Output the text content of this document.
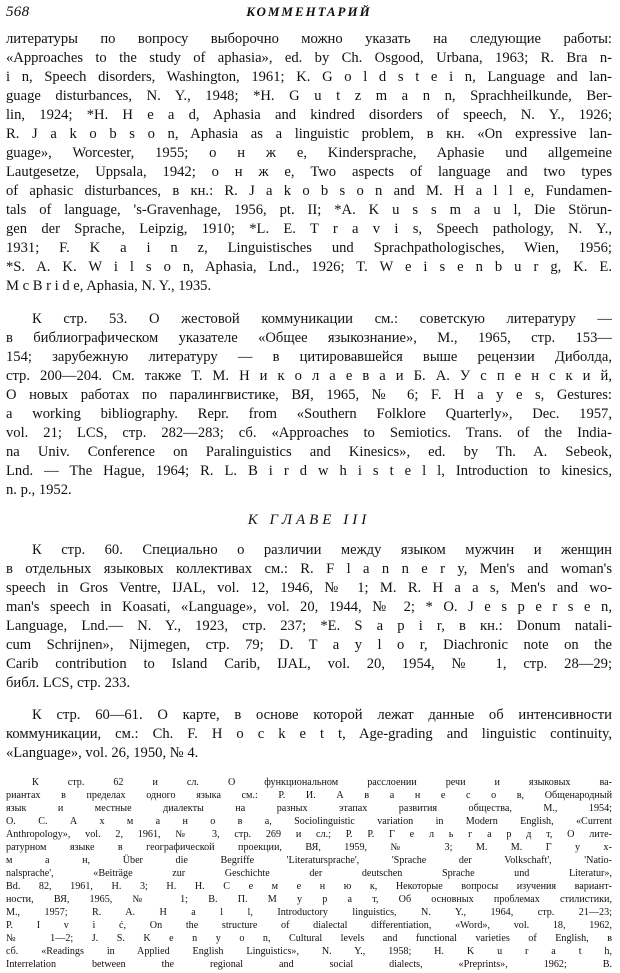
568	КОММЕНТАРИЙ
литературы по вопросу выборочно можно указать на следующие работы:
«Approaches to the study of aphasia», ed. by Ch. Osgood, Urbana, 1963; R. Bra n-
i n, Speech disorders, Washington, 1961; K. G o l d s t e i n, Language and lan-
guage disturbances, N. Y., 1948; *H. G u t z m a n n, Sprachheilkunde, Ber-
lin, 1924; *H. H e a d, Aphasia and kindred disorders of speech, N. Y., 1926;
R. J a k o b s o n, Aphasia as a linguistic problem, в кн. «On expressive lan-
guage», Worcester, 1955; о н ж е, Kindersprache, Aphasie und allgemeine
Lautgesetze, Uppsala, 1942; о н ж е, Two aspects of language and two types
of aphasic disturbances, в кн.: R. J a k o b s o n and M. H a l l e, Fundamen-
tals of language, 's-Gravenhage, 1956, pt. II; *A. K u s s m a u l, Die Störun-
gen der Sprache, Leipzig, 1910; *L. E. T r a v i s, Speech pathology, N. Y.,
1931; F. K a i n z, Linguistisches und Sprachpathologisches, Wien, 1956;
*S. A. K. W i l s o n, Aphasia, Lnd., 1926; T. W e i s e n b u r g, K. E.
M c B r i d e, Aphasia, N. Y., 1935.
К стр. 53. О жестовой коммуникации см.: советскую литературу —
в библиографическом указателе «Общее языкознание», М., 1965, стр. 153—
154; зарубежную литературу — в цитировавшейся выше рецензии Диболда,
стр. 200—204. См. также Т. М. Н и к о л а е в а и Б. А. У с п е н с к и й,
О новых работах по паралингвистике, ВЯ, 1965, № 6; F. H a y e s, Gestures:
a working bibliography. Repr. from «Southern Folklore Quarterly», Dec. 1957,
vol. 21; LCS, стр. 282—283; сб. «Approaches to Semiotics. Trans. of the India-
na Univ. Conference on Paralinguistics and Kinesics», ed. by Th. A. Sebeok,
Lnd. — The Hague, 1964; R. L. B i r d w h i s t e l l, Introduction to kinesics,
n. p., 1952.
К ГЛАВЕ III
К стр. 60. Специально о различии между языком мужчин и женщин
в отдельных языковых коллективах см.: R. F l a n n e r y, Men's and woman's
speech in Gros Ventre, IJAL, vol. 12, 1946, № 1; M. R. H a a s, Men's and wo-
man's speech in Koasati, «Language», vol. 20, 1944, № 2; * O. J e s p e r s e n,
Language, Lnd.— N. Y., 1923, стр. 237; *E. S a p i r, в кн.: Donum natali-
cum Schrijnen», Nijmegen, стр. 79; D. T a y l o r, Diachronic note on the
Carib contribution to Island Carib, IJAL, vol. 20, 1954, № 1, стр. 28—29;
библ. LCS, стр. 233.
К стр. 60—61. О карте, в основе которой лежат данные об интенсивности
коммуникации, см.: Ch. F. H o c k e t t, Age-grading and linguistic continuity,
«Language», vol. 26, 1950, № 4.
К стр. 62 и сл. О функциональном расслоении речи и языковых ва-
риантах в пределах одного языка см.: Р. И. А в а н е с о в, Общенародный
язык и местные диалекты на разных этапах развития общества, М., 1954;
О. С. А х м а н о в а, Sociolinguistic variation in Modern English, «Current
Anthropology», vol. 2, 1961, № 3, стр. 269 и сл.; Р. Р. Г е л ь г а р д т, О лите-
ратурном языке в географической проекции, ВЯ, 1959, № 3; М. М. Г у х-
м а н, Über die Begriffe 'Literatursprache', 'Sprache der Volkschaft', 'Natio-
nalsprache', «Beiträge zur Geschichte der deutschen Sprache und Literatur»,
Bd. 82, 1961, H. 3; Н. Н. С е м е н ю к, Некоторые вопросы изучения вариант-
ности, ВЯ, 1965, № 1; В. П. М у р а т, Об основных проблемах стилистики,
М., 1957; R. A. H a l l, Introductory linguistics, N. Y., 1964, стр. 21—23;
P. I v i ć, On the structure of dialectal differentiation, «Word», vol. 18, 1962,
№ 1—2; J. S. K e n y o n, Cultural levels and functional varieties of English, в
сб. «Readings in Applied English Linguistics», N. Y., 1958; H. K u r a t h,
Interrelation between the regional and social dialects, «Preprints», 1962; B.
